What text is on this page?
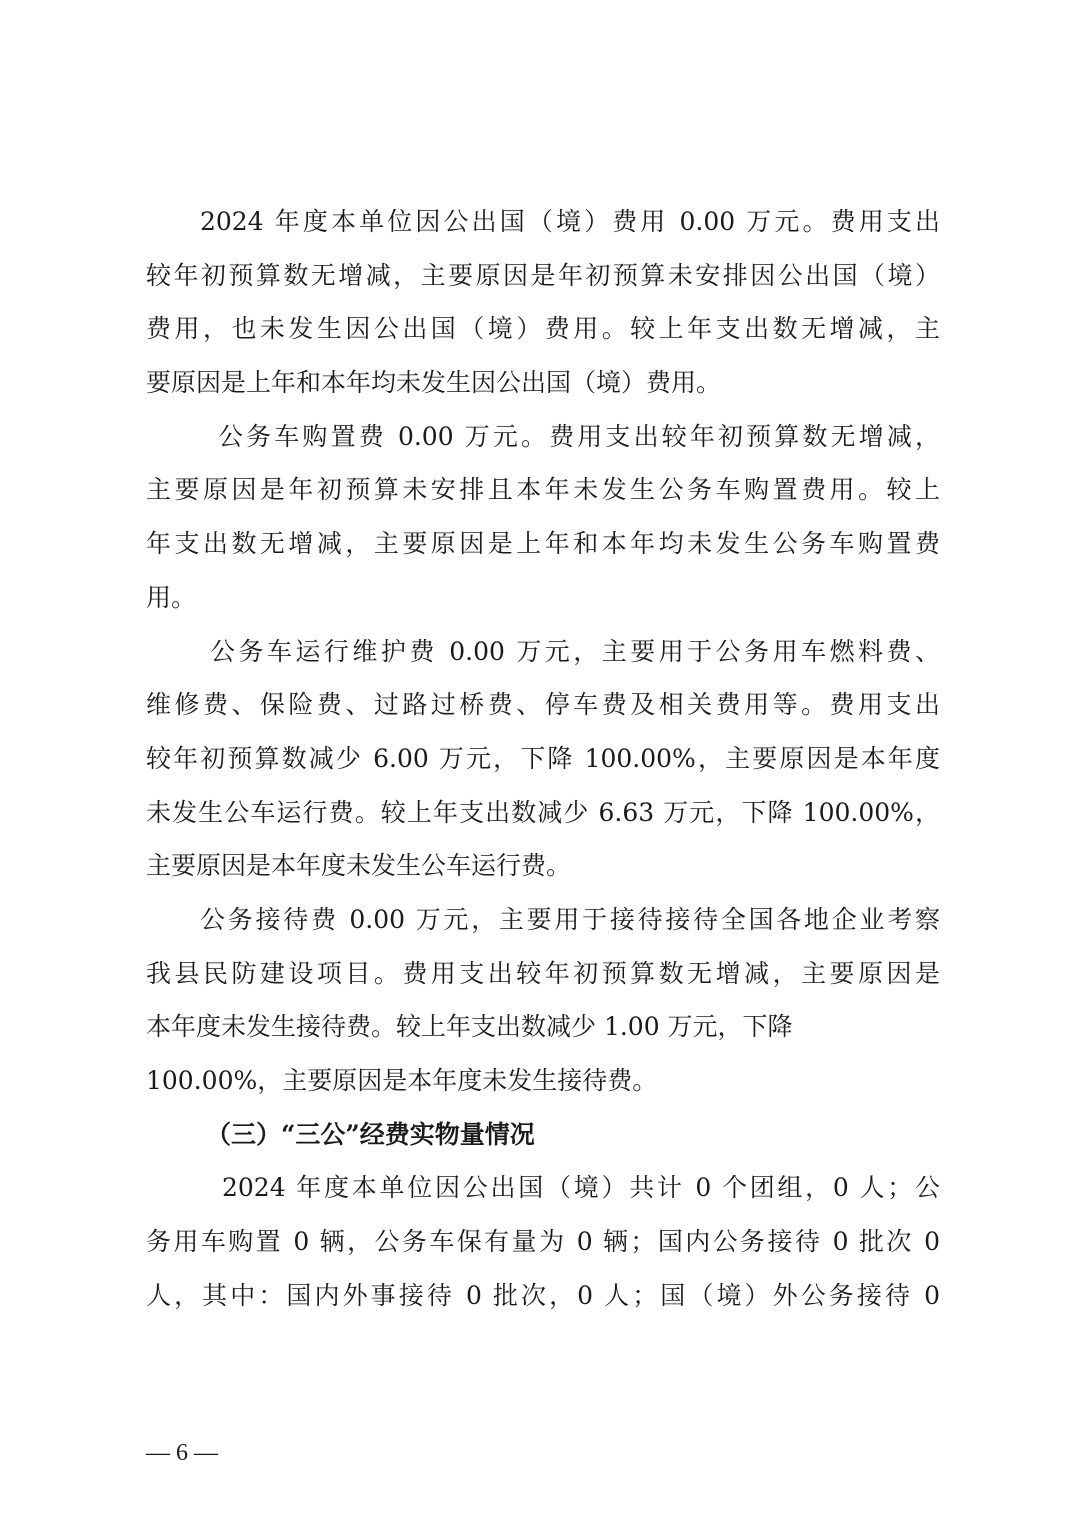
2024 年度本单位因公出国（境）费用 0.00 万元。费用支出
较年初预算数无增减，主要原因是年初预算未安排因公出国（境）
费用，也未发生因公出国（境）费用。较上年支出数无增减，主
要原因是上年和本年均未发生因公出国（境）费用。
公务车购置费 0.00 万元。费用支出较年初预算数无增减，
主要原因是年初预算未安排且本年未发生公务车购置费用。较上
年支出数无增减，主要原因是上年和本年均未发生公务车购置费
用。
公务车运行维护费 0.00 万元，主要用于公务用车燃料费、
维修费、保险费、过路过桥费、停车费及相关费用等。费用支出
较年初预算数减少 6.00 万元，下降 100.00%，主要原因是本年度
未发生公车运行费。较上年支出数减少 6.63 万元，下降 100.00%，
主要原因是本年度未发生公车运行费。
公务接待费 0.00 万元，主要用于接待接待全国各地企业考察
我县民防建设项目。费用支出较年初预算数无增减，主要原因是
本年度未发生接待费。较上年支出数减少 1.00 万元，下降
100.00%，主要原因是本年度未发生接待费。
（三）“三公”经费实物量情况
2024 年度本单位因公出国（境）共计 0 个团组，0 人；公
务用车购置 0 辆，公务车保有量为 0 辆；国内公务接待 0 批次 0
人，其中：国内外事接待 0 批次，0 人；国（境）外公务接待 0
— 6 —
